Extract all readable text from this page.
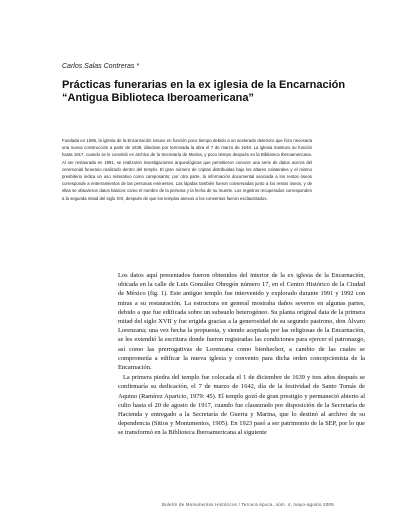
Carlos Salas Contreras *
Prácticas funerarias en la ex iglesia de la Encarnación
“Antigua Biblioteca Iberoamericana”
Fundada en 1596, la iglesia de la Encarnación estuvo en función poco tiempo debido a un acelerado deterioro que hizo necesaria una nueva construcción a partir de 1639, dándose por terminada la obra el 7 de marzo de 1648. La iglesia mantuvo su función hasta 1917, cuando se le convirtió en archivo de la Secretaría de Marina, y poco tiempo después en la Biblioteca Iberoamericana. Al ser restaurada en 1991, se realizaron investigaciones arqueológicas que permitieron conocer una serie de datos acerca del ceremonial funerario realizado dentro del templo. El gran número de criptas distribuidas bajo los altares colaterales y el mismo presbiterio indica un uso reiterativo como camposanto; por otra parte, la información documental asociada a los restos óseos corresponde a enterramientos de las personas eminentes. Las lápidas también fueron conservadas junto a los restos óseos, y de ellas se obtuvieron datos básicos como el nombre de la persona y la fecha de su muerte. Los registros recuperados corresponden a la segunda mitad del siglo XIX, después de que los templos anexos a los conventos fueron exclaustrados.

Los datos aquí presentados fueron obtenidos del interior de la ex iglesia de la Encarnación, ubicada en la calle de Luis González Obregón número 17, en el Centro Histórico de la Ciudad de México (fig. 1). Este antiguo templo fue intervenido y explorado durante 1991 y 1992 con miras a su restauración. La estructura en general mostraba daños severos en algunas partes, debido a que fue edificada sobre un subsuelo heterogéneo. Su planta original data de la primera mitad del siglo XVII y fue erigida gracias a la generosidad de su segundo pastrono, don Álvaro Lorenzana; una vez hecha la propuesta, y siendo aceptada por las religiosas de la Encarnación, se les extendió la escritura donde fueron registradas las condiciones para ejercer el patronazgo, así como las prerrogativas de Lorenzana como bienhechor, a cambio de las cuales se comprometía a edificar la nueva iglesia y convento para dicha orden concepcionista de la Encarnación.

La primera piedra del templo fue colocada el 1 de diciembre de 1639 y tres años después se confirmaría su dedicación, el 7 de marzo de 1642, día de la festividad de Santo Tomás de Aquino (Ramírez Aparicio, 1979: 45). El templo gozó de gran prestigio y permaneció abierto al culto hasta el 20 de agosto de 1917, cuando fue clausurado por disposición de la Secretaría de Hacienda y entregado a la Secretaría de Guerra y Marina, que lo destinó al archivo de su dependencia (Sitios y Monumentos, 1905). En 1923 pasó a ser patrimonio de la SEP, por lo que se transformó en la Biblioteca Iberoamericana al siguiente

Boletín de Monumentos Históricos / Tercera época, núm. 4, mayo-agosto 2005
